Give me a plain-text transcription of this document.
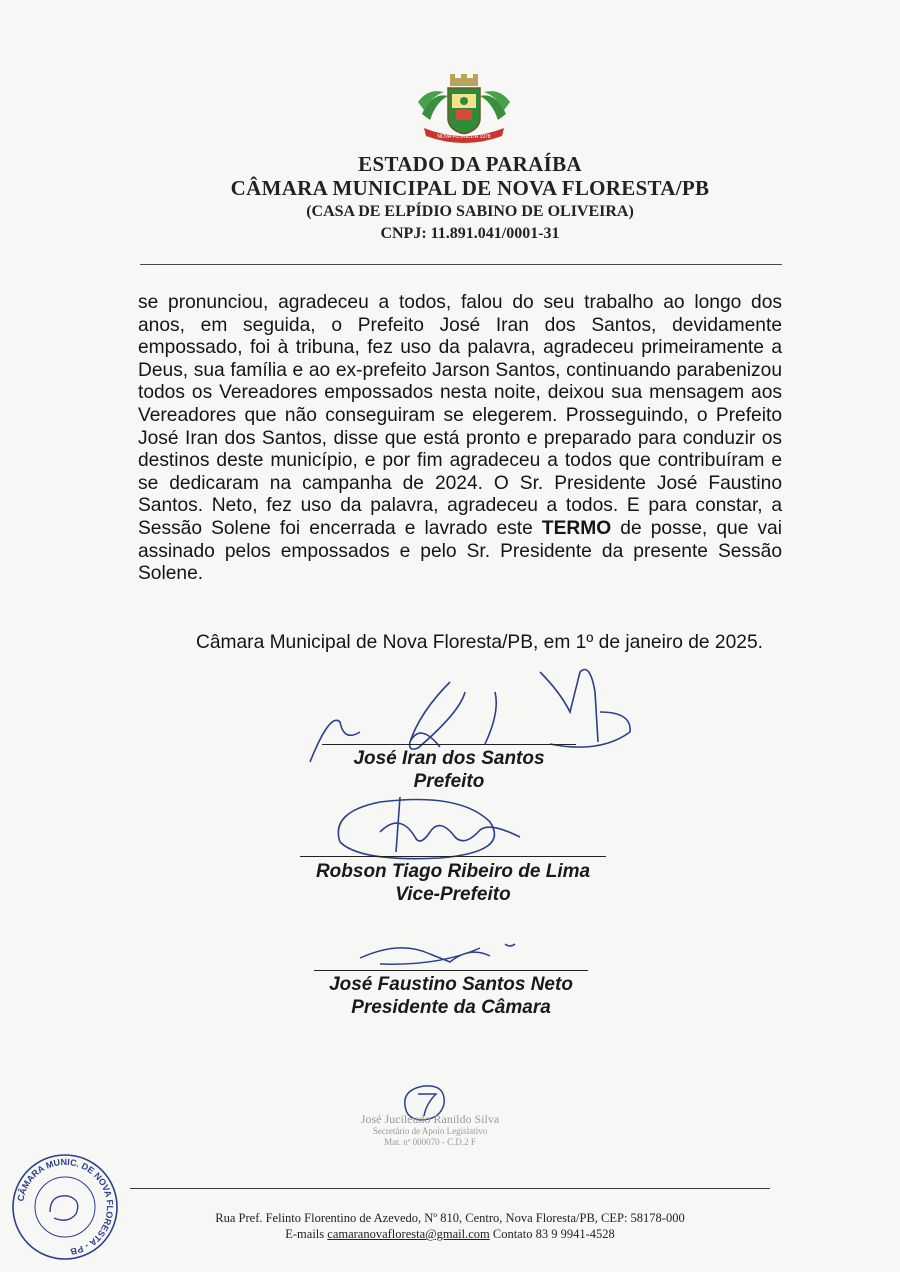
NOVA FLORESTA 1978
ESTADO DA PARAÍBA
CÂMARA MUNICIPAL DE NOVA FLORESTA/PB
(CASA DE ELPÍDIO SABINO DE OLIVEIRA)
CNPJ: 11.891.041/0001-31
se pronunciou, agradeceu a todos, falou do seu trabalho ao longo dos anos, em seguida, o Prefeito José Iran dos Santos, devidamente empossado, foi à tribuna, fez uso da palavra, agradeceu primeiramente a Deus, sua família e ao ex-prefeito Jarson Santos, continuando parabenizou todos os Vereadores empossados nesta noite, deixou sua mensagem aos Vereadores que não conseguiram se elegerem. Prosseguindo, o Prefeito José Iran dos Santos, disse que está pronto e preparado para conduzir os destinos deste município, e por fim agradeceu a todos que contribuíram e se dedicaram na campanha de 2024. O Sr. Presidente José Faustino Santos. Neto, fez uso da palavra, agradeceu a todos. E para constar, a Sessão Solene foi encerrada e lavrado este TERMO de posse, que vai assinado pelos empossados e pelo Sr. Presidente da presente Sessão Solene.
Câmara Municipal de Nova Floresta/PB, em 1º de janeiro de 2025.
José Iran dos Santos
Prefeito
Robson Tiago Ribeiro de Lima
Vice-Prefeito
José Faustino Santos Neto
Presidente da Câmara
José Jucileudo Ranildo Silva
Secretário de Apoio Legislativo
Mat. nº 000070 - C.D.2 F
CÂMARA MUNIC. DE NOVA FLORESTA - PB
Rua Pref. Felinto Florentino de Azevedo, Nº 810, Centro, Nova Floresta/PB, CEP: 58178-000
E-mails camaranovafloresta@gmail.com Contato 83 9 9941-4528
